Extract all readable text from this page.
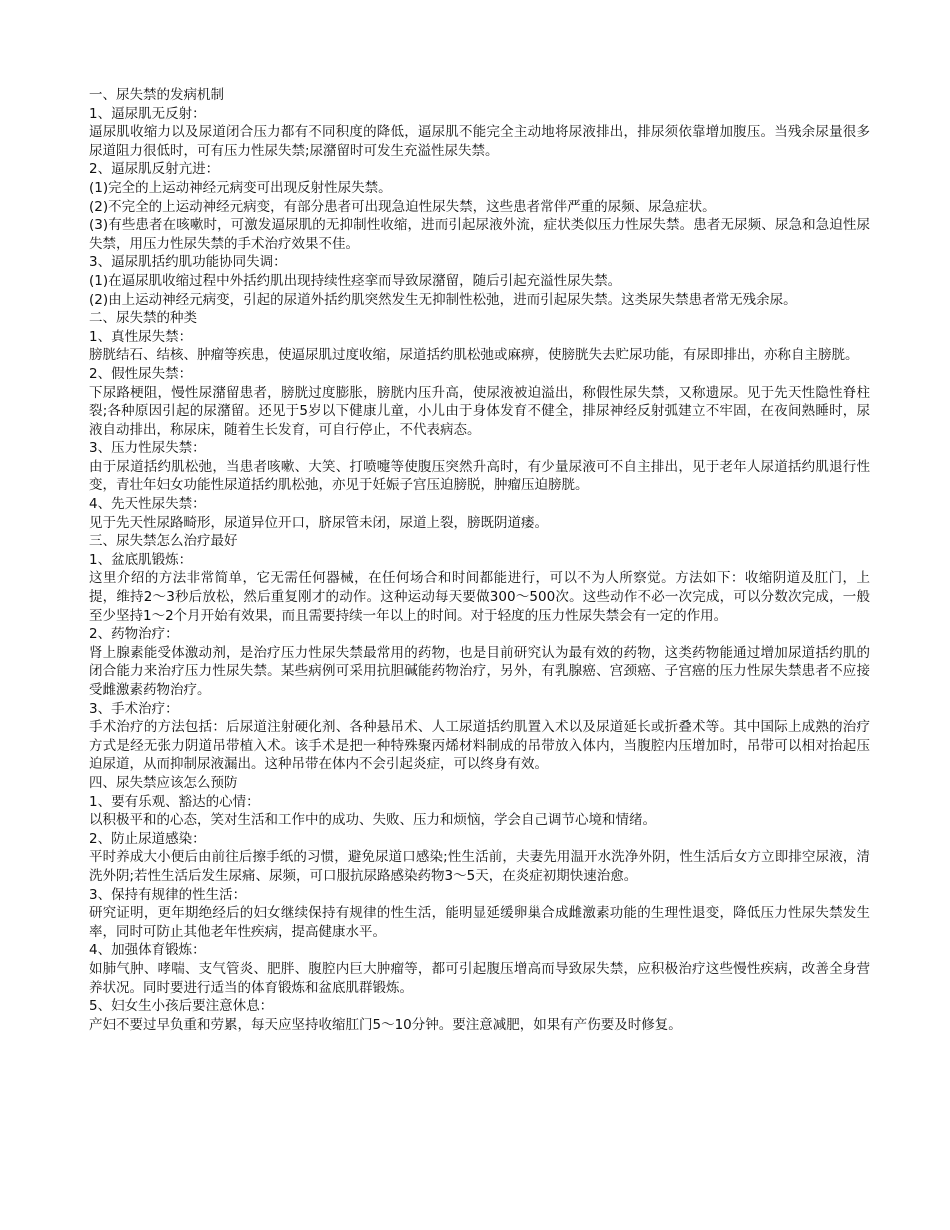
一、尿失禁的发病机制

1、逼尿肌无反射：

逼尿肌收缩力以及尿道闭合压力都有不同积度的降低，逼尿肌不能完全主动地将尿液排出，排尿须依靠增加腹压。当残余尿量很多尿道阻力很低时，可有压力性尿失禁;尿潴留时可发生充溢性尿失禁。

2、逼尿肌反射亢进：

(1)完全的上运动神经元病变可出现反射性尿失禁。

(2)不完全的上运动神经元病变，有部分患者可出现急迫性尿失禁，这些患者常伴严重的尿频、尿急症状。

(3)有些患者在咳嗽时，可激发逼尿肌的无抑制性收缩，进而引起尿液外流，症状类似压力性尿失禁。患者无尿频、尿急和急迫性尿失禁，用压力性尿失禁的手术治疗效果不佳。

3、逼尿肌括约肌功能协同失调：

(1)在逼尿肌收缩过程中外括约肌出现持续性痉挛而导致尿潴留，随后引起充溢性尿失禁。

(2)由上运动神经元病变，引起的尿道外括约肌突然发生无抑制性松弛，进而引起尿失禁。这类尿失禁患者常无残余尿。

二、尿失禁的种类

1、真性尿失禁：

膀胱结石、结核、肿瘤等疾患，使逼尿肌过度收缩，尿道括约肌松弛或麻痹，使膀胱失去贮尿功能，有尿即排出，亦称自主膀胱。

2、假性尿失禁：

下尿路梗阻，慢性尿潴留患者，膀胱过度膨胀，膀胱内压升高，使尿液被迫溢出，称假性尿失禁，又称遗尿。见于先天性隐性脊柱裂;各种原因引起的尿潴留。还见于5岁以下健康儿童，小儿由于身体发育不健全，排尿神经反射弧建立不牢固，在夜间熟睡时，尿液自动排出，称尿床，随着生长发育，可自行停止，不代表病态。

3、压力性尿失禁：

由于尿道括约肌松弛，当患者咳嗽、大笑、打喷嚏等使腹压突然升高时，有少量尿液可不自主排出，见于老年人尿道括约肌退行性变，青壮年妇女功能性尿道括约肌松弛，亦见于妊娠子宫压迫膀脱，肿瘤压迫膀胱。

4、先天性尿失禁：

见于先天性尿路畸形，尿道异位开口，脐尿管未闭，尿道上裂，膀既阴道瘘。

三、尿失禁怎么治疗最好

1、盆底肌锻炼：

这里介绍的方法非常简单，它无需任何器械，在任何场合和时间都能进行，可以不为人所察觉。方法如下：收缩阴道及肛门，上提，维持2～3秒后放松，然后重复刚才的动作。这种运动每天要做300～500次。这些动作不必一次完成，可以分数次完成，一般至少坚持1～2个月开始有效果，而且需要持续一年以上的时间。对于轻度的压力性尿失禁会有一定的作用。

2、药物治疗：

肾上腺素能受体激动剂，是治疗压力性尿失禁最常用的药物，也是目前研究认为最有效的药物，这类药物能通过增加尿道括约肌的闭合能力来治疗压力性尿失禁。某些病例可采用抗胆碱能药物治疗，另外，有乳腺癌、宫颈癌、子宫癌的压力性尿失禁患者不应接受雌激素药物治疗。

3、手术治疗：

手术治疗的方法包括：后尿道注射硬化剂、各种悬吊术、人工尿道括约肌置入术以及尿道延长或折叠术等。其中国际上成熟的治疗方式是经无张力阴道吊带植入术。该手术是把一种特殊聚丙烯材料制成的吊带放入体内，当腹腔内压增加时，吊带可以相对抬起压迫尿道，从而抑制尿液漏出。这种吊带在体内不会引起炎症，可以终身有效。

四、尿失禁应该怎么预防

1、要有乐观、豁达的心情：

以积极平和的心态，笑对生活和工作中的成功、失败、压力和烦恼，学会自己调节心境和情绪。

2、防止尿道感染：

平时养成大小便后由前往后擦手纸的习惯，避免尿道口感染;性生活前，夫妻先用温开水洗净外阴，性生活后女方立即排空尿液，清洗外阴;若性生活后发生尿痛、尿频，可口服抗尿路感染药物3～5天，在炎症初期快速治愈。

3、保持有规律的性生活：

研究证明，更年期绝经后的妇女继续保持有规律的性生活，能明显延缓卵巢合成雌激素功能的生理性退变，降低压力性尿失禁发生率，同时可防止其他老年性疾病，提高健康水平。

4、加强体育锻炼：

如肺气肿、哮喘、支气管炎、肥胖、腹腔内巨大肿瘤等，都可引起腹压增高而导致尿失禁，应积极治疗这些慢性疾病，改善全身营养状况。同时要进行适当的体育锻炼和盆底肌群锻炼。

5、妇女生小孩后要注意休息：

产妇不要过早负重和劳累，每天应坚持收缩肛门5～10分钟。要注意减肥，如果有产伤要及时修复。
